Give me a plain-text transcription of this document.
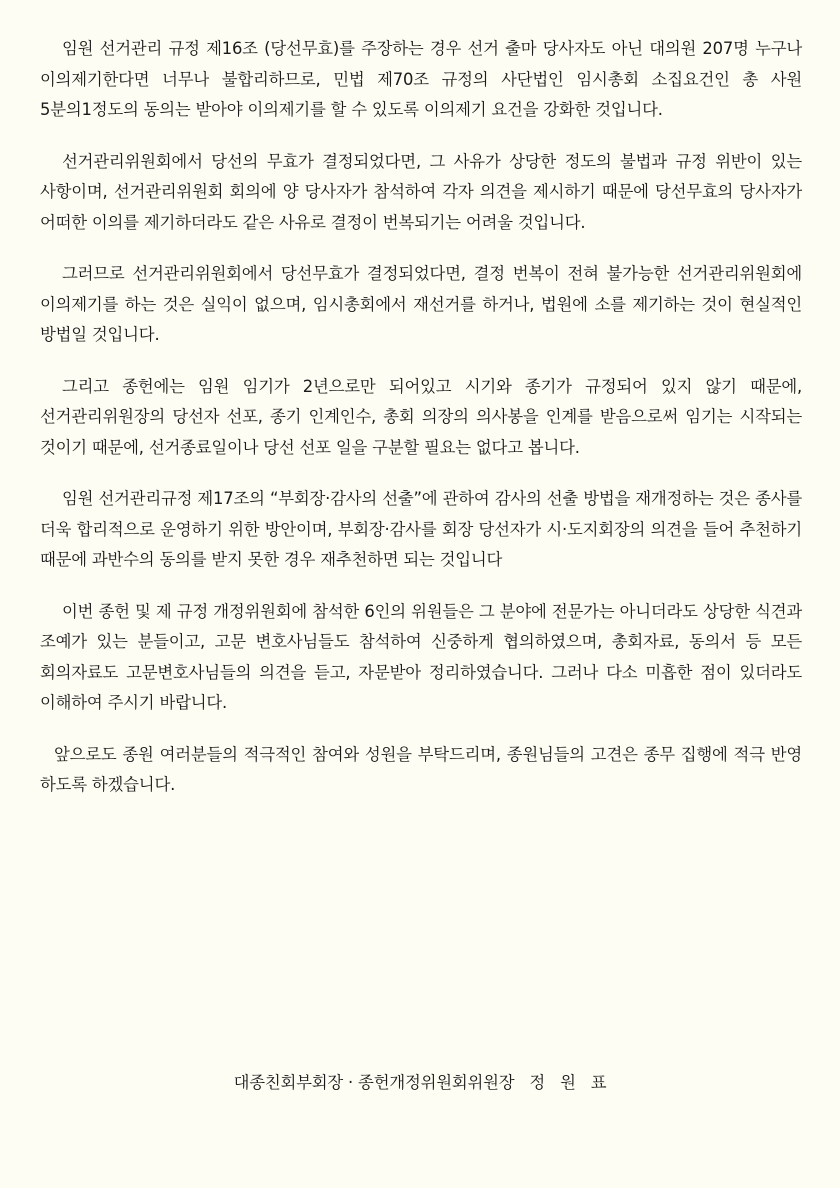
임원 선거관리 규정 제16조 (당선무효)를 주장하는 경우 선거 출마 당사자도 아닌 대의원 207명 누구나 이의제기한다면 너무나 불합리하므로, 민법 제70조 규정의 사단법인 임시총회 소집요건인 총 사원 5분의1정도의 동의는 받아야 이의제기를 할 수 있도록 이의제기 요건을 강화한 것입니다.

선거관리위원회에서 당선의 무효가 결정되었다면, 그 사유가 상당한 정도의 불법과 규정 위반이 있는 사항이며, 선거관리위원회 회의에 양 당사자가 참석하여 각자 의견을 제시하기 때문에 당선무효의 당사자가 어떠한 이의를 제기하더라도 같은 사유로 결정이 번복되기는 어려울 것입니다.

그러므로 선거관리위원회에서 당선무효가 결정되었다면, 결정 번복이 전혀 불가능한 선거관리위원회에 이의제기를 하는 것은 실익이 없으며, 임시총회에서 재선거를 하거나, 법원에 소를 제기하는 것이 현실적인 방법일 것입니다.

그리고 종헌에는 임원 임기가 2년으로만 되어있고 시기와 종기가 규정되어 있지 않기 때문에, 선거관리위원장의 당선자 선포, 종기 인계인수, 총회 의장의 의사봉을 인계를 받음으로써 임기는 시작되는 것이기 때문에, 선거종료일이나 당선 선포 일을 구분할 필요는 없다고 봅니다.

임원 선거관리규정 제17조의 “부회장·감사의 선출”에 관하여 감사의 선출 방법을 재개정하는 것은 종사를 더욱 합리적으로 운영하기 위한 방안이며, 부회장·감사를 회장 당선자가 시·도지회장의 의견을 들어 추천하기 때문에 과반수의 동의를 받지 못한 경우 재추천하면 되는 것입니다

이번 종헌 및 제 규정 개정위원회에 참석한 6인의 위원들은 그 분야에 전문가는 아니더라도 상당한 식견과 조예가 있는 분들이고, 고문 변호사님들도 참석하여 신중하게 협의하였으며, 총회자료, 동의서 등 모든 회의자료도 고문변호사님들의 의견을 듣고, 자문받아 정리하였습니다. 그러나 다소 미흡한 점이 있더라도 이해하여 주시기 바랍니다.

앞으로도 종원 여러분들의 적극적인 참여와 성원을 부탁드리며, 종원님들의 고견은 종무 집행에 적극 반영 하도록 하겠습니다.

대종친회부회장 · 종헌개정위원회위원장   정   원   표
